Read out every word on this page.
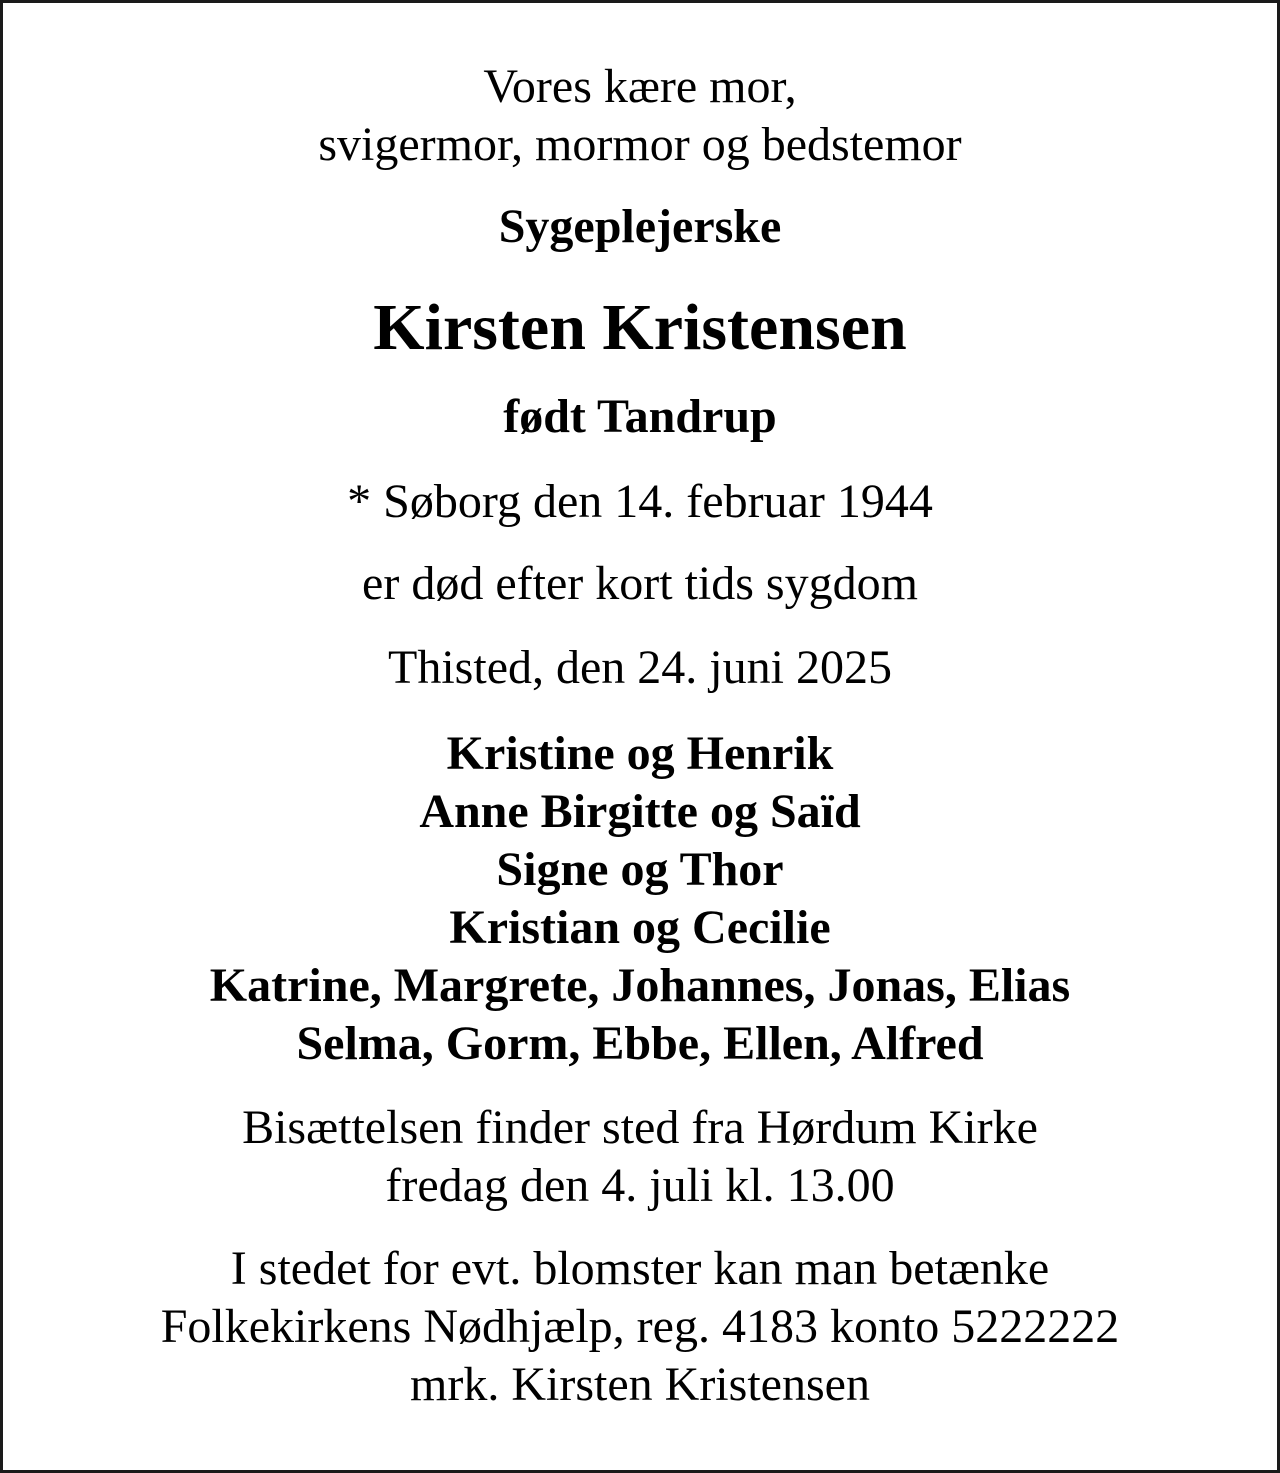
Vores kære mor,
svigermor, mormor og bedstemor
Sygeplejerske
Kirsten Kristensen
født Tandrup
* Søborg den 14. februar 1944
er død efter kort tids sygdom
Thisted, den 24. juni 2025
Kristine og Henrik
Anne Birgitte og Saïd
Signe og Thor
Kristian og Cecilie
Katrine, Margrete, Johannes, Jonas, Elias
Selma, Gorm, Ebbe, Ellen, Alfred
Bisættelsen finder sted fra Hørdum Kirke
fredag den 4. juli kl. 13.00
I stedet for evt. blomster kan man betænke
Folkekirkens Nødhjælp, reg. 4183 konto 5222222
mrk. Kirsten Kristensen
